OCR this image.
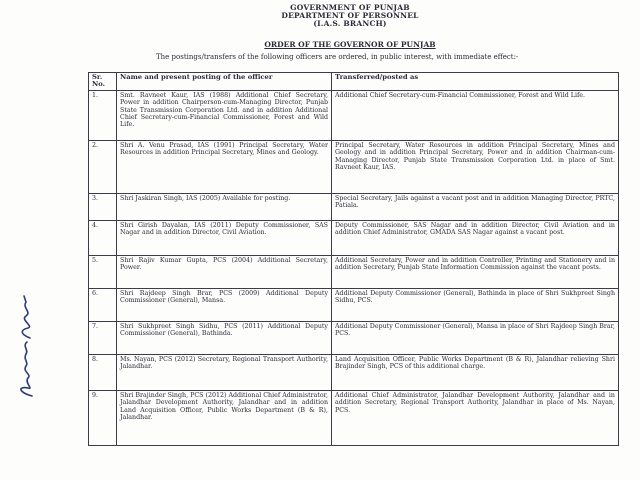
GOVERNMENT OF PUNJAB
DEPARTMENT OF PERSONNEL
(I.A.S. BRANCH)
ORDER OF THE GOVERNOR OF PUNJAB
The postings/transfers of the following officers are ordered, in public interest, with immediate effect:-
Sr. No.	Name and present posting of the officer	Transferred/posted as
1.	Smt. Ravneet Kaur, IAS (1988) Additional Chief Secretary, Power in addition Chairperson-cum-Managing Director, Punjab State Transmission Corporation Ltd. and in addition Additional Chief Secretary-cum-Financial Commissioner, Forest and Wild Life.	Additional Chief Secretary-cum-Financial Commissioner, Forest and Wild Life.
2.	Shri A. Venu Prasad, IAS (1991) Principal Secretary, Water Resources in addition Principal Secretary, Mines and Geology.	Principal Secretary, Water Resources in addition Principal Secretary, Mines and Geology and in addition Principal Secretary, Power and in addition Chairman-cum-Managing Director, Punjab State Transmission Corporation Ltd. in place of Smt. Ravneet Kaur, IAS.
3.	Shri Jaskiran Singh, IAS (2005) Available for posting.	Special Secretary, Jails against a vacant post and in addition Managing Director, PRTC, Patiala.
4.	Shri Girish Dayalan, IAS (2011) Deputy Commissioner, SAS Nagar and in addition Director, Civil Aviation.	Deputy Commissioner, SAS Nagar and in addition Director, Civil Aviation and in addition Chief Administrator, GMADA SAS Nagar against a vacant post.
5.	Shri Rajiv Kumar Gupta, PCS (2004) Additional Secretary, Power.	Additional Secretary, Power and in addition Controller, Printing and Stationery and in addition Secretary, Punjab State Information Commission against the vacant posts.
6.	Shri Rajdeep Singh Brar, PCS (2009) Additional Deputy Commissioner (General), Mansa.	Additional Deputy Commissioner (General), Bathinda in place of Shri Sukhpreet Singh Sidhu, PCS.
7.	Shri Sukhpreet Singh Sidhu, PCS (2011) Additional Deputy Commissioner (General), Bathinda.	Additional Deputy Commissioner (General), Mansa in place of Shri Rajdeep Singh Brar, PCS.
8.	Ms. Nayan, PCS (2012) Secretary, Regional Transport Authority, Jalandhar.	Land Acquisition Officer, Public Works Department (B & R), Jalandhar relieving Shri Brajinder Singh, PCS of this additional charge.
9.	Shri Brajinder Singh, PCS (2012) Additional Chief Administrator, Jalandhar Development Authority, Jalandhar and in addition Land Acquisition Officer, Public Works Department (B & R), Jalandhar.	Additional Chief Administrator, Jalandhar Development Authority, Jalandhar and in addition Secretary, Regional Transport Authority, Jalandhar in place of Ms. Nayan, PCS.
